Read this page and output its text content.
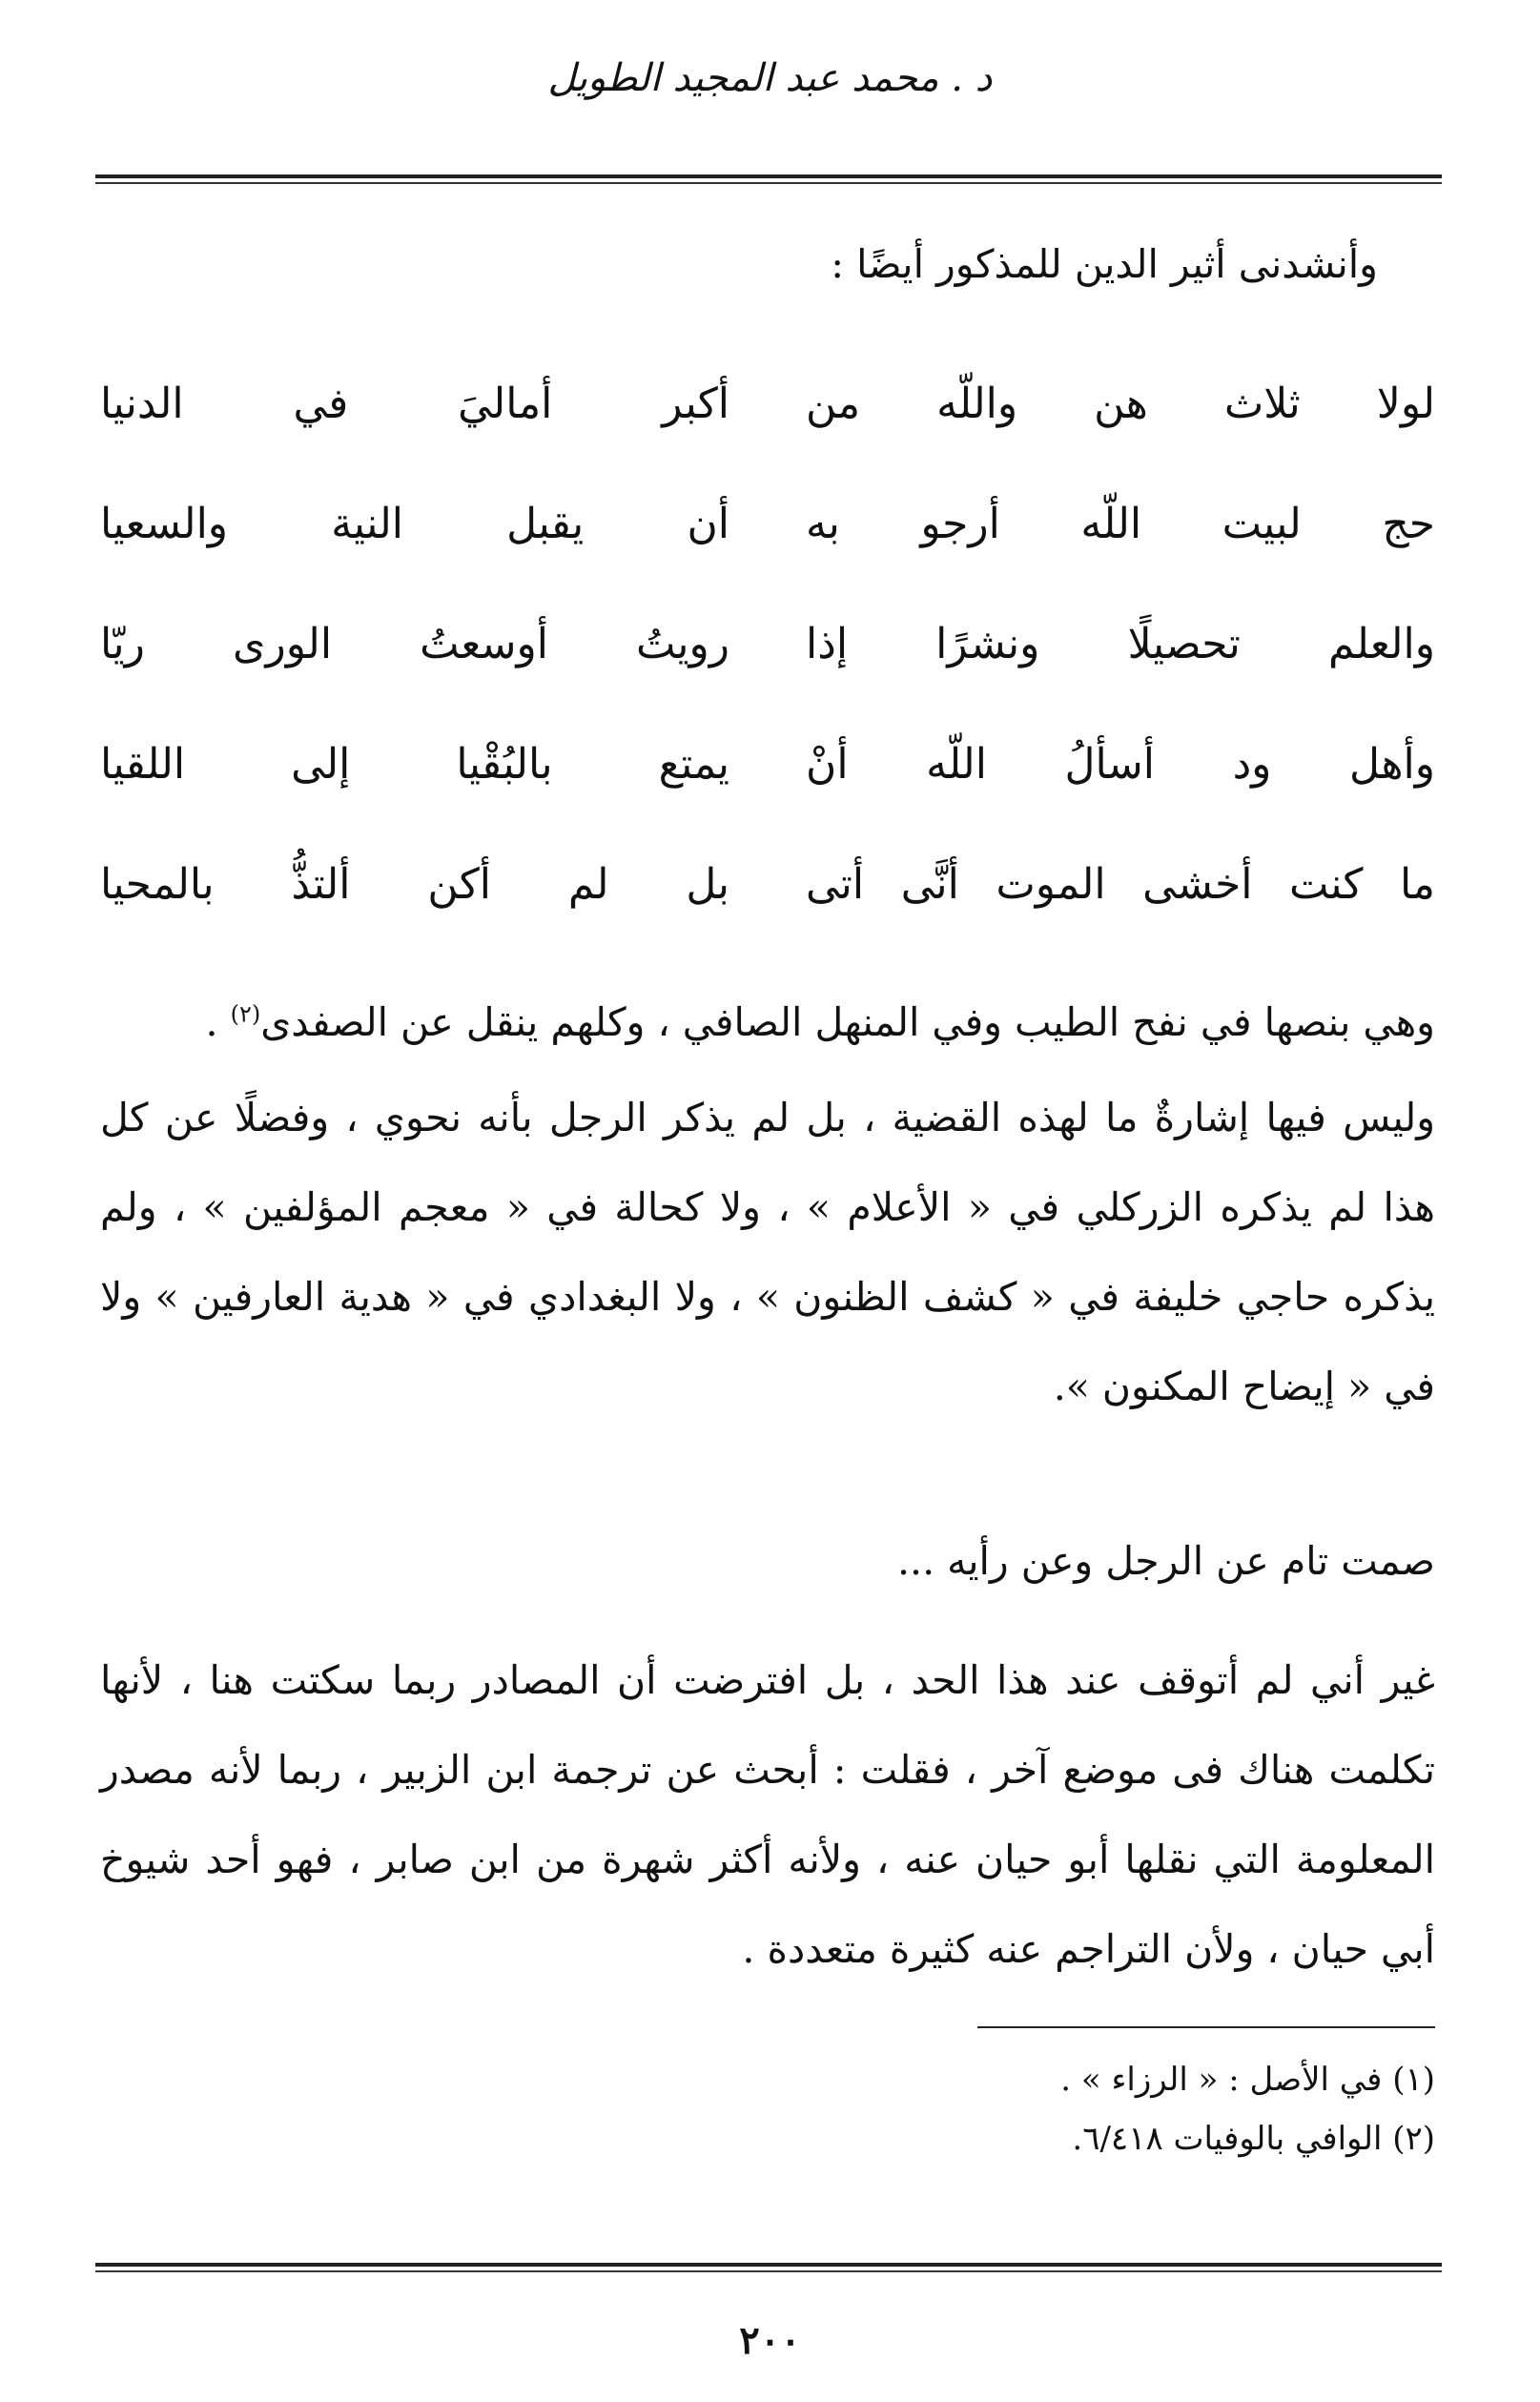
د . محمد عبد المجيد الطويل
وأنشدنى أثير الدين للمذكور أيضًا :
لولا ثلاث هن واللّه من
أكبر أماليَ في الدنيا
حج لبيت اللّه أرجو به
أن يقبل النية والسعيا
والعلم تحصيلًا ونشرًا إذا
رويتُ أوسعتُ الورى ريّا
وأهل ود أسألُ اللّه أنْ
يمتع بالبُقْيا إلى اللقيا
ما كنت أخشى الموت أنَّى أتى
بل لم أكن ألتذُّ بالمحيا
وهي بنصها في نفح الطيب وفي المنهل الصافي ، وكلهم ينقل عن الصفدى$^{(٢)}$ .
وليس فيها إشارةٌ ما لهذه القضية ، بل لم يذكر الرجل بأنه نحوي ، وفضلًا عن كل هذا لم يذكره الزركلي في « الأعلام » ، ولا كحالة في « معجم المؤلفين » ، ولم يذكره حاجي خليفة في « كشف الظنون » ، ولا البغدادي في « هدية العارفين » ولا في « إيضاح المكنون ».
صمت تام عن الرجل وعن رأيه ...
غير أني لم أتوقف عند هذا الحد ، بل افترضت أن المصادر ربما سكتت هنا ، لأنها تكلمت هناك فى موضع آخر ، فقلت : أبحث عن ترجمة ابن الزبير ، ربما لأنه مصدر المعلومة التي نقلها أبو حيان عنه ، ولأنه أكثر شهرة من ابن صابر ، فهو أحد شيوخ أبي حيان ، ولأن التراجم عنه كثيرة متعددة .
(١) في الأصل : « الرزاء » .
(٢) الوافي بالوفيات ٦/٤١٨.
٢٠٠
